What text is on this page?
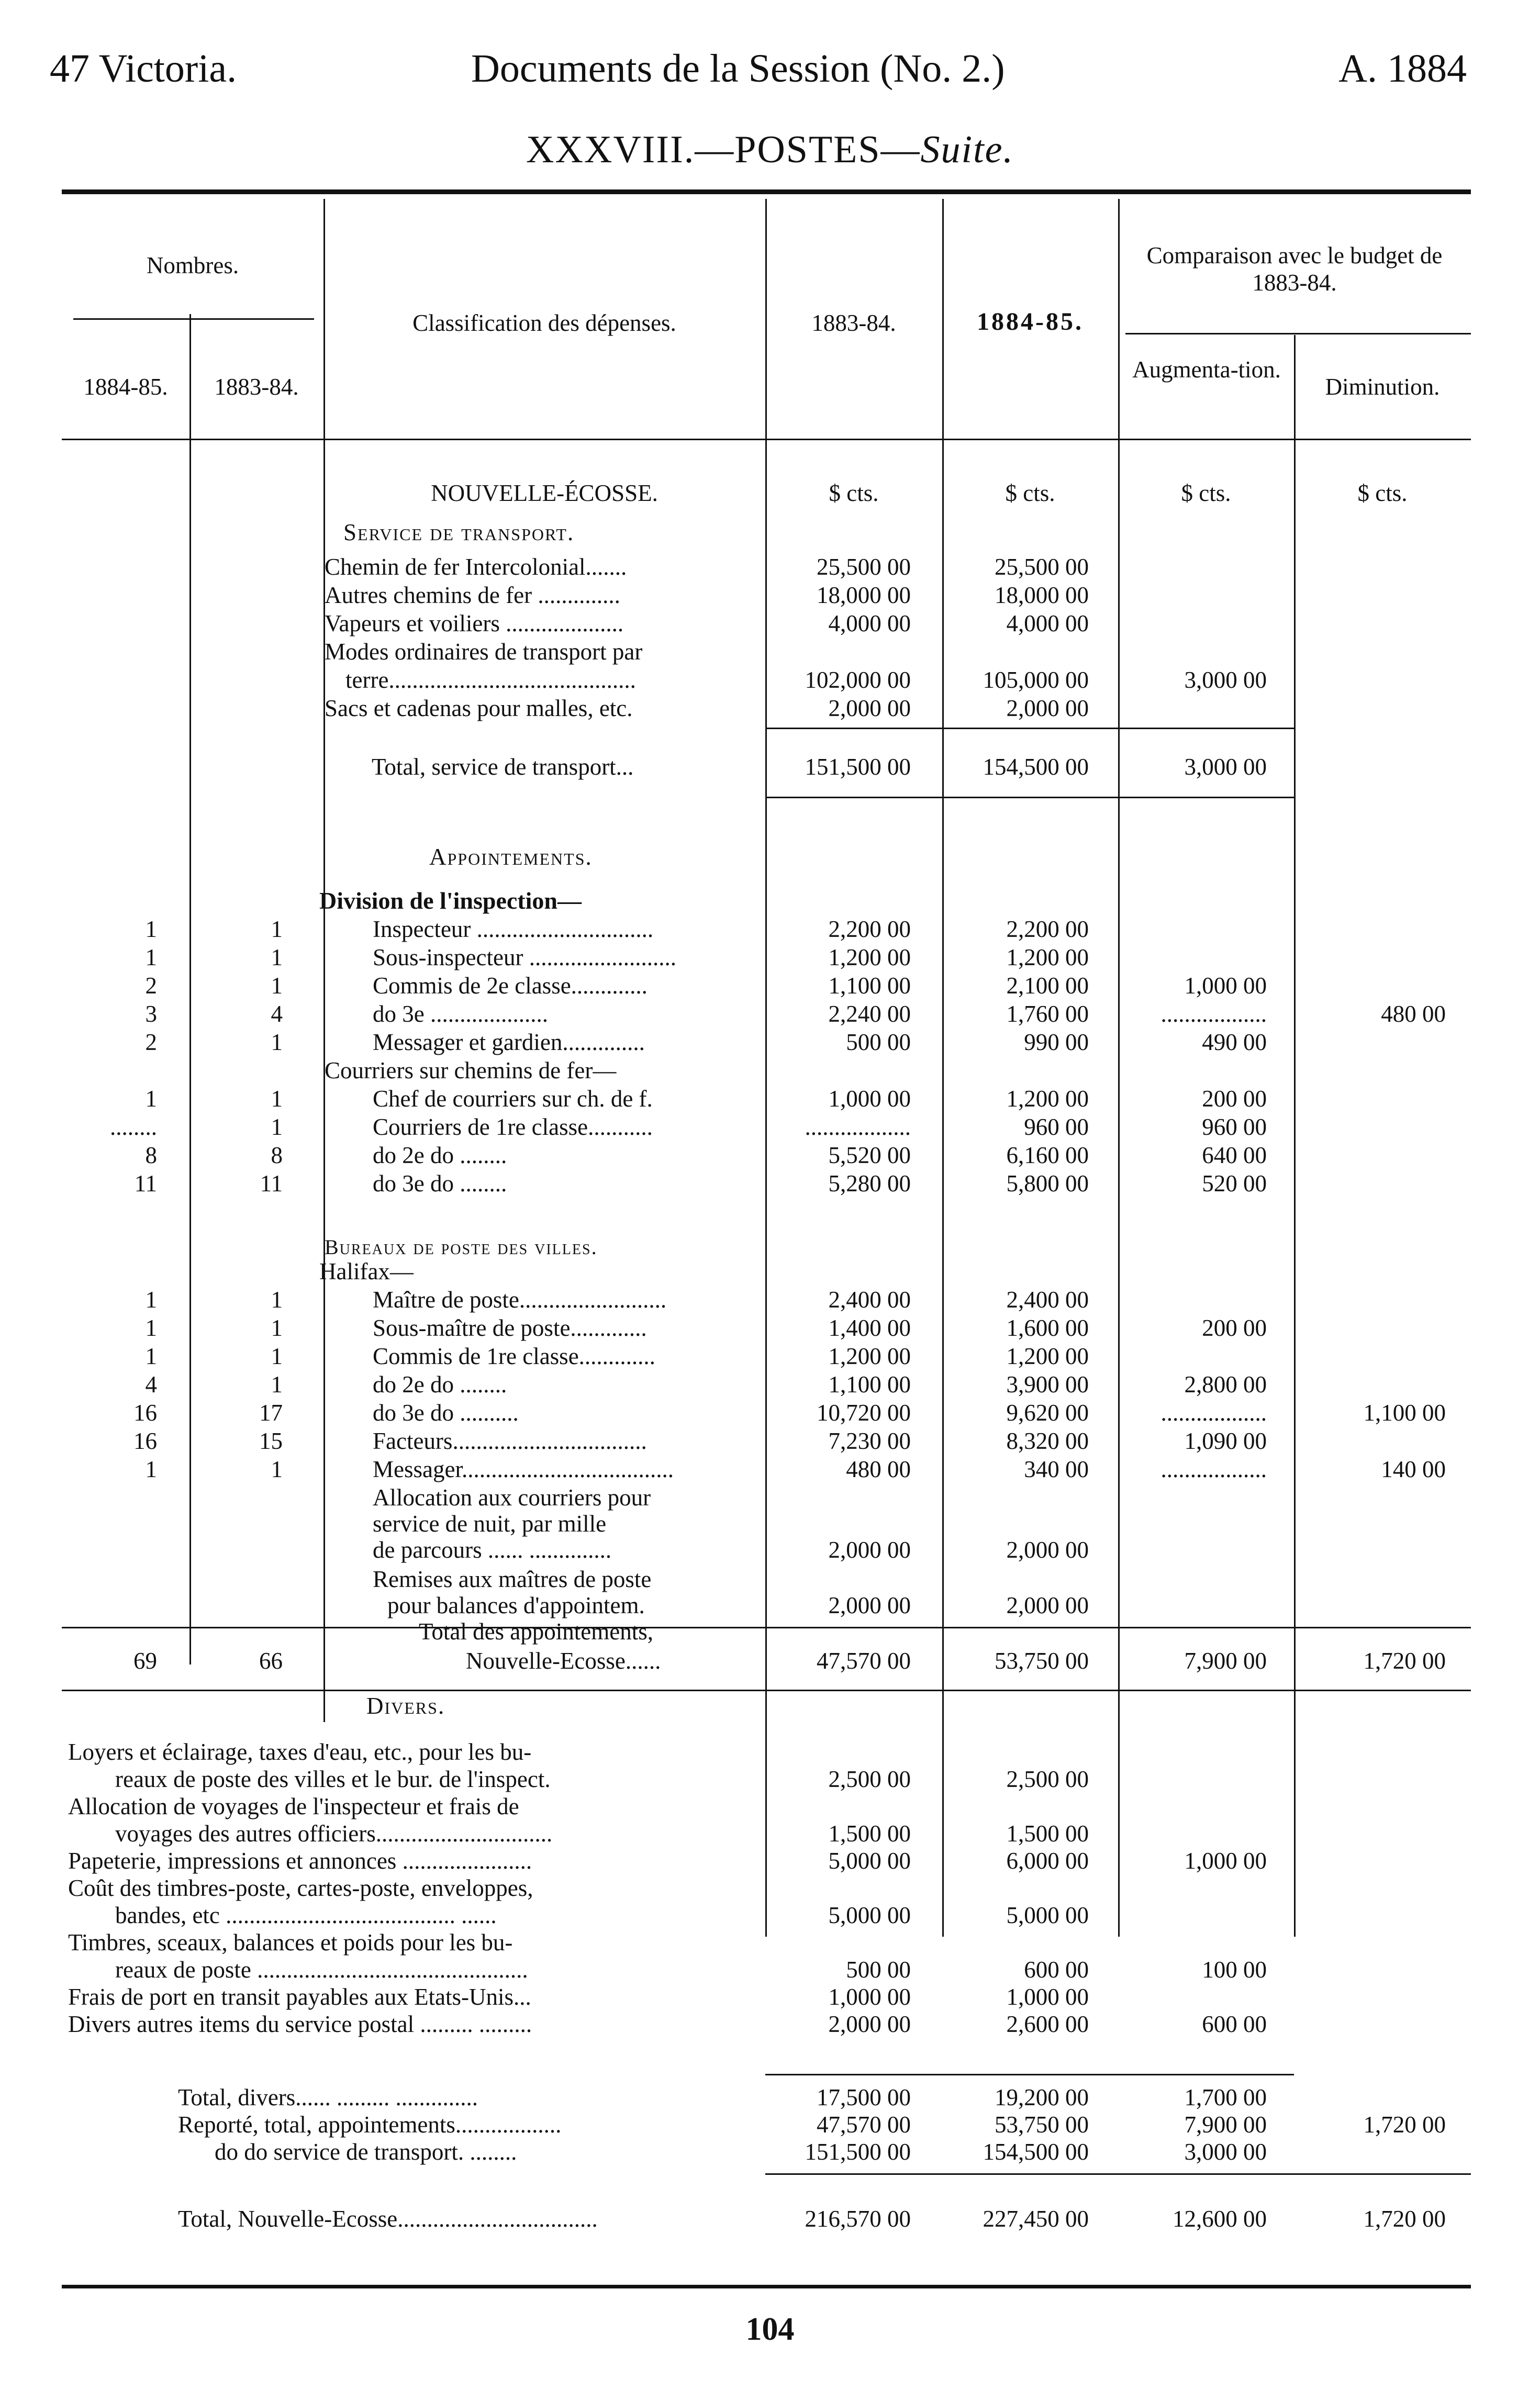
47 Victoria.	Documents de la Session (No. 2.)	A. 1884
XXXVIII.—POSTES—Suite.
Nombres.
1884-85.	1883-84.
Classification des dépenses.	1883-84.	1884-85.
Comparaison avec le budget de 1883-84.
Augmenta-tion.
Diminution.
NOUVELLE-ÉCOSSE.	$ cts.	$ cts.	$ cts.	$ cts.
Service de transport.
Appointements.
Division de l'inspection—
Bureaux de poste des villes.
Halifax—
Divers.
104
Chemin de fer Intercolonial.......	25,500 00	25,500 00
Autres chemins de fer ..............	18,000 00	18,000 00
Vapeurs et voiliers ....................	4,000 00	4,000 00
Modes ordinaires de transport par
terre..........................................	102,000 00	105,000 00	3,000 00
Sacs et cadenas pour malles, etc.	2,000 00	2,000 00
Total, service de transport...	151,500 00	154,500 00	3,000 00
1	1	Inspecteur ..............................	2,200 00	2,200 00
1	1	Sous-inspecteur .........................	1,200 00	1,200 00
2	1	Commis de 2e classe.............	1,100 00	2,100 00	1,000 00
3	4	do 3e ....................	2,240 00	1,760 00	..................	480 00
2	1	Messager et gardien..............	500 00	990 00	490 00
Courriers sur chemins de fer—
1	1	Chef de courriers sur ch. de f.	1,000 00	1,200 00	200 00
........	1	Courriers de 1re classe...........	..................	960 00	960 00
8	8	do 2e do ........	5,520 00	6,160 00	640 00
11	11	do 3e do ........	5,280 00	5,800 00	520 00
1	1	Maître de poste.........................	2,400 00	2,400 00
1	1	Sous-maître de poste.............	1,400 00	1,600 00	200 00
1	1	Commis de 1re classe.............	1,200 00	1,200 00
4	1	do 2e do ........	1,100 00	3,900 00	2,800 00
16	17	do 3e do ..........	10,720 00	9,620 00	..................	1,100 00
16	15	Facteurs.................................	7,230 00	8,320 00	1,090 00
1	1	Messager....................................	480 00	340 00	..................	140 00
Allocation aux courriers pour
service de nuit, par mille
de parcours ...... ..............	2,000 00	2,000 00
Remises aux maîtres de poste
pour balances d'appointem.	2,000 00	2,000 00
Total des appointements,
69	66	Nouvelle-Ecosse......	47,570 00	53,750 00	7,900 00	1,720 00
Loyers et éclairage, taxes d'eau, etc., pour les bu-
reaux de poste des villes et le bur. de l'inspect.	2,500 00	2,500 00
Allocation de voyages de l'inspecteur et frais de
voyages des autres officiers..............................	1,500 00	1,500 00
Papeterie, impressions et annonces ......................	5,000 00	6,000 00	1,000 00
Coût des timbres-poste, cartes-poste, enveloppes,
bandes, etc ....................................... ......	5,000 00	5,000 00
Timbres, sceaux, balances et poids pour les bu-
reaux de poste ..............................................	500 00	600 00	100 00
Frais de port en transit payables aux Etats-Unis...	1,000 00	1,000 00
Divers autres items du service postal ......... .........	2,000 00	2,600 00	600 00
Total, divers...... ......... ..............	17,500 00	19,200 00	1,700 00
Reporté, total, appointements..................	47,570 00	53,750 00	7,900 00	1,720 00
do do service de transport. ........	151,500 00	154,500 00	3,000 00
Total, Nouvelle-Ecosse..................................	216,570 00	227,450 00	12,600 00	1,720 00
